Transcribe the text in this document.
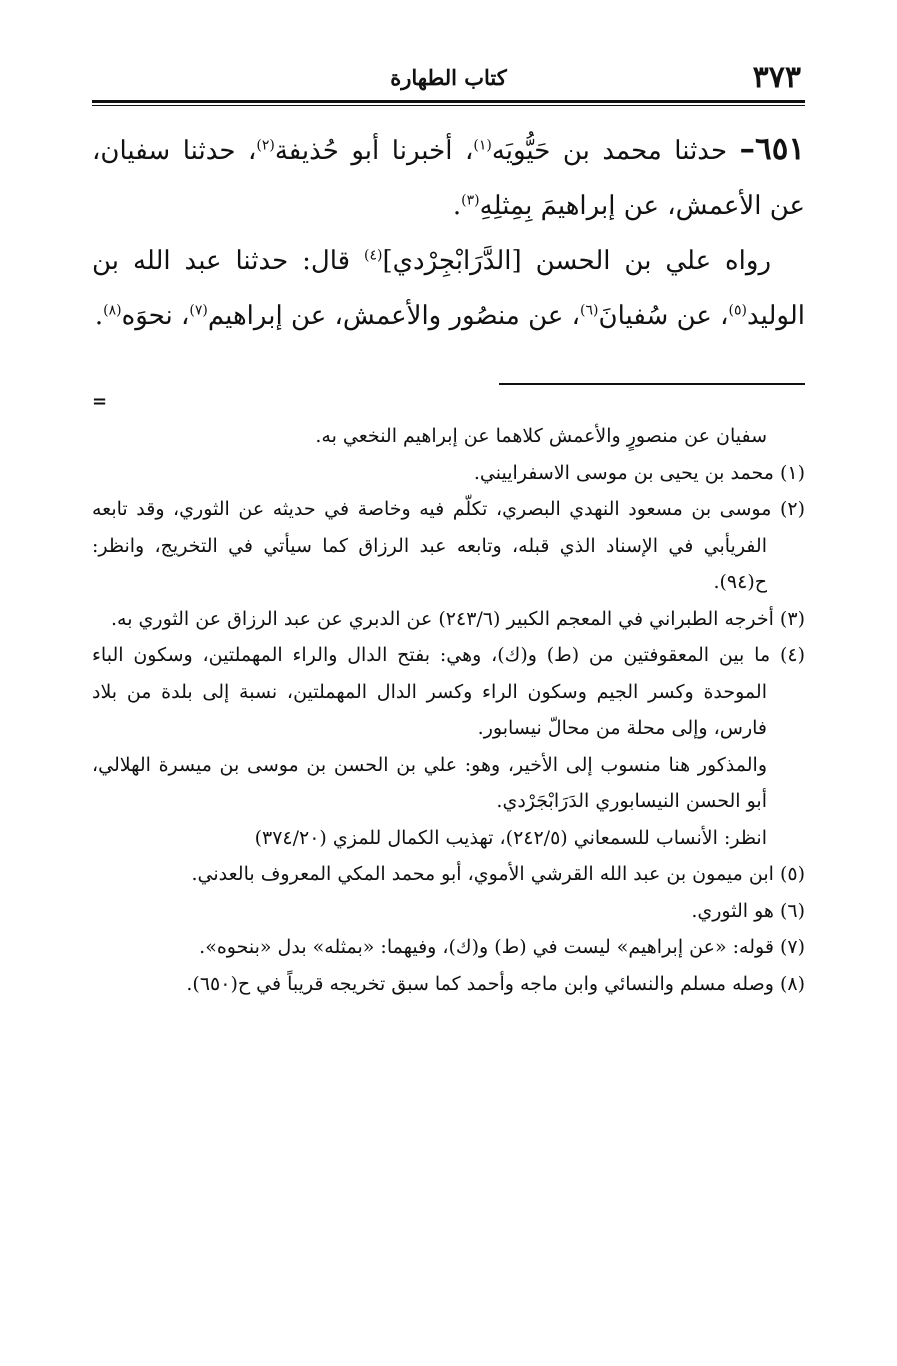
٣٧٣
كتاب الطهارة

٦٥١– حدثنا محمد بن حَيُّويَه$^{(١)}$، أخبرنا أبو حُذيفة$^{(٢)}$، حدثنا سفيان، عن الأعمش، عن إبراهيمَ بِمِثلِهِ$^{(٣)}$.

رواه علي بن الحسن [الدَّرَابْجِرْدي]$^{(٤)}$ قال: حدثنا عبد الله بن الوليد$^{(٥)}$، عن سُفيانَ$^{(٦)}$، عن منصُور والأعمش، عن إبراهيم$^{(٧)}$، نحوَه$^{(٨)}$.

=

سفيان عن منصورٍ والأعمش كلاهما عن إبراهيم النخعي به.

(١) محمد بن يحيى بن موسى الاسفراييني.

(٢) موسى بن مسعود النهدي البصري، تكلّم فيه وخاصة في حديثه عن الثوري، وقد تابعه الفريأبي في الإسناد الذي قبله، وتابعه عبد الرزاق كما سيأتي في التخريج، وانظر: ح(٩٤).

(٣) أخرجه الطبراني في المعجم الكبير (٢٤٣/٦) عن الدبري عن عبد الرزاق عن الثوري به.

(٤) ما بين المعقوفتين من (ط) و(ك)، وهي: بفتح الدال والراء المهملتين، وسكون الباء الموحدة وكسر الجيم وسكون الراء وكسر الدال المهملتين، نسبة إلى بلدة من بلاد فارس، وإلى محلة من محالّ نيسابور.

والمذكور هنا منسوب إلى الأخير، وهو: علي بن الحسن بن موسى بن ميسرة الهلالي، أبو الحسن النيسابوري الدَرَابْجَرْدي.

انظر: الأنساب للسمعاني (٢٤٢/٥)، تهذيب الكمال للمزي (٣٧٤/٢٠)

(٥) ابن ميمون بن عبد الله القرشي الأموي، أبو محمد المكي المعروف بالعدني.

(٦) هو الثوري.

(٧) قوله: «عن إبراهيم» ليست في (ط) و(ك)، وفيهما: «بمثله» بدل «بنحوه».

(٨) وصله مسلم والنسائي وابن ماجه وأحمد كما سبق تخريجه قريباً في ح(٦٥٠).
